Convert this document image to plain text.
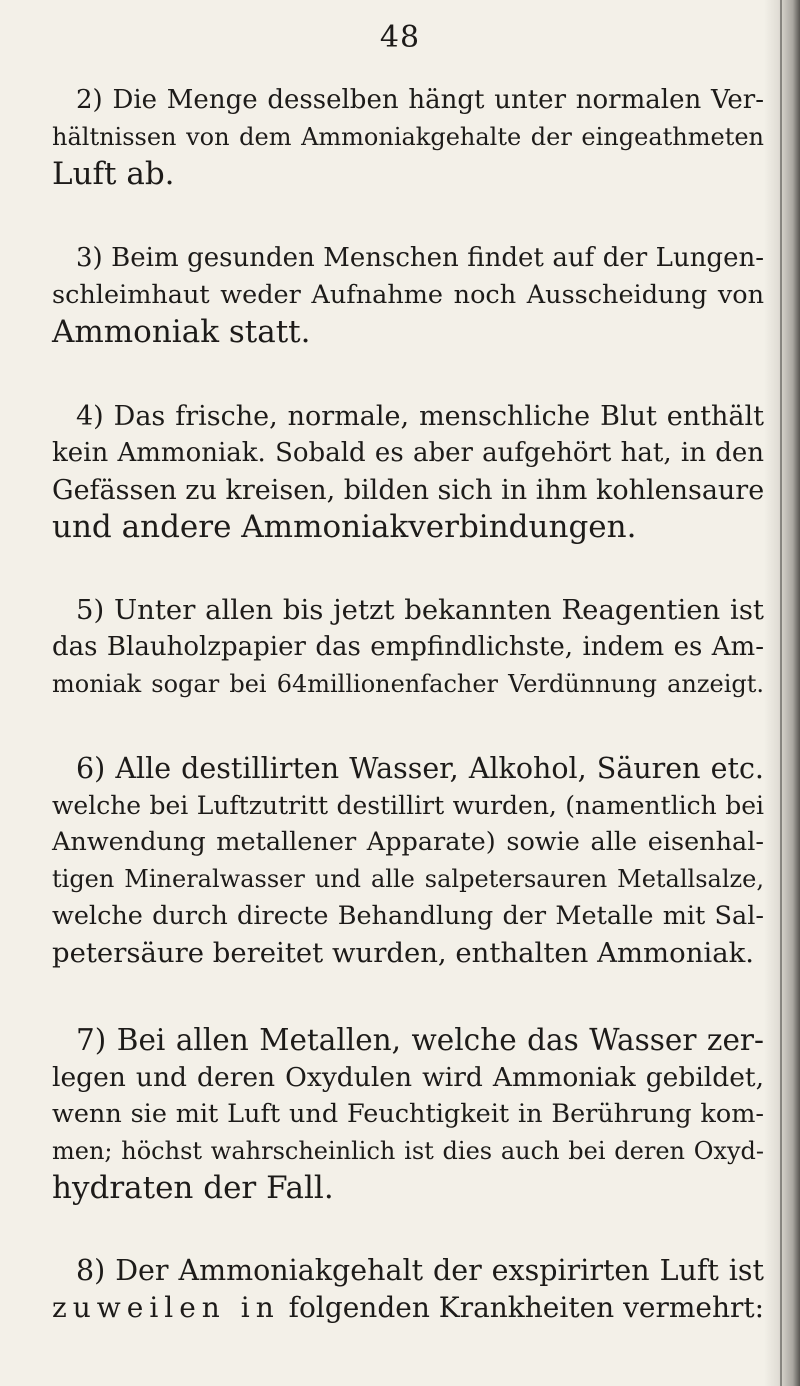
48

2) Die Menge desselben hängt unter normalen Ver-
hältnissen von dem Ammoniakgehalte der eingeathmeten
Luft ab.

3) Beim gesunden Menschen findet auf der Lungen-
schleimhaut weder Aufnahme noch Ausscheidung von
Ammoniak statt.

4) Das frische, normale, menschliche Blut enthält
kein Ammoniak. Sobald es aber aufgehört hat, in den
Gefässen zu kreisen, bilden sich in ihm kohlensaure
und andere Ammoniakverbindungen.

5) Unter allen bis jetzt bekannten Reagentien ist
das Blauholzpapier das empfindlichste, indem es Am-
moniak sogar bei 64millionenfacher Verdünnung anzeigt.

6) Alle destillirten Wasser, Alkohol, Säuren etc.
welche bei Luftzutritt destillirt wurden, (namentlich bei
Anwendung metallener Apparate) sowie alle eisenhal-
tigen Mineralwasser und alle salpetersauren Metallsalze,
welche durch directe Behandlung der Metalle mit Sal-
petersäure bereitet wurden, enthalten Ammoniak.

7) Bei allen Metallen, welche das Wasser zer-
legen und deren Oxydulen wird Ammoniak gebildet,
wenn sie mit Luft und Feuchtigkeit in Berührung kom-
men; höchst wahrscheinlich ist dies auch bei deren Oxyd-
hydraten der Fall.

8) Der Ammoniakgehalt der exspirirten Luft ist
zuweilen in folgenden Krankheiten vermehrt:
